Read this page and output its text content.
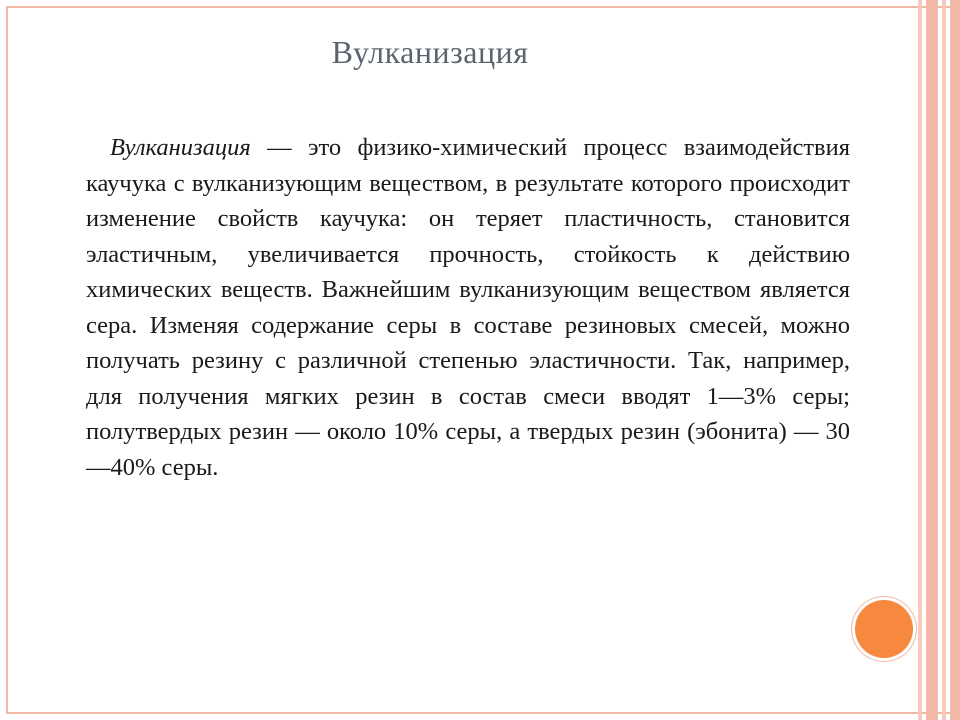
Вулканизация

Вулканизация — это физико-химический процесс взаимодействия каучука с вулканизующим веществом, в результате которого происходит изменение свойств каучука: он теряет пластичность, становится эластичным, увеличивается прочность, стойкость к действию химических веществ. Важнейшим вулканизующим веществом является сера. Изменяя содержание серы в составе резиновых смесей, можно получать резину с различной степенью эластичности. Так, например, для получения мягких резин в состав смеси вводят 1—3% серы; полутвердых резин — около 10% серы, а твердых резин (эбонита) — 30—40% серы.
